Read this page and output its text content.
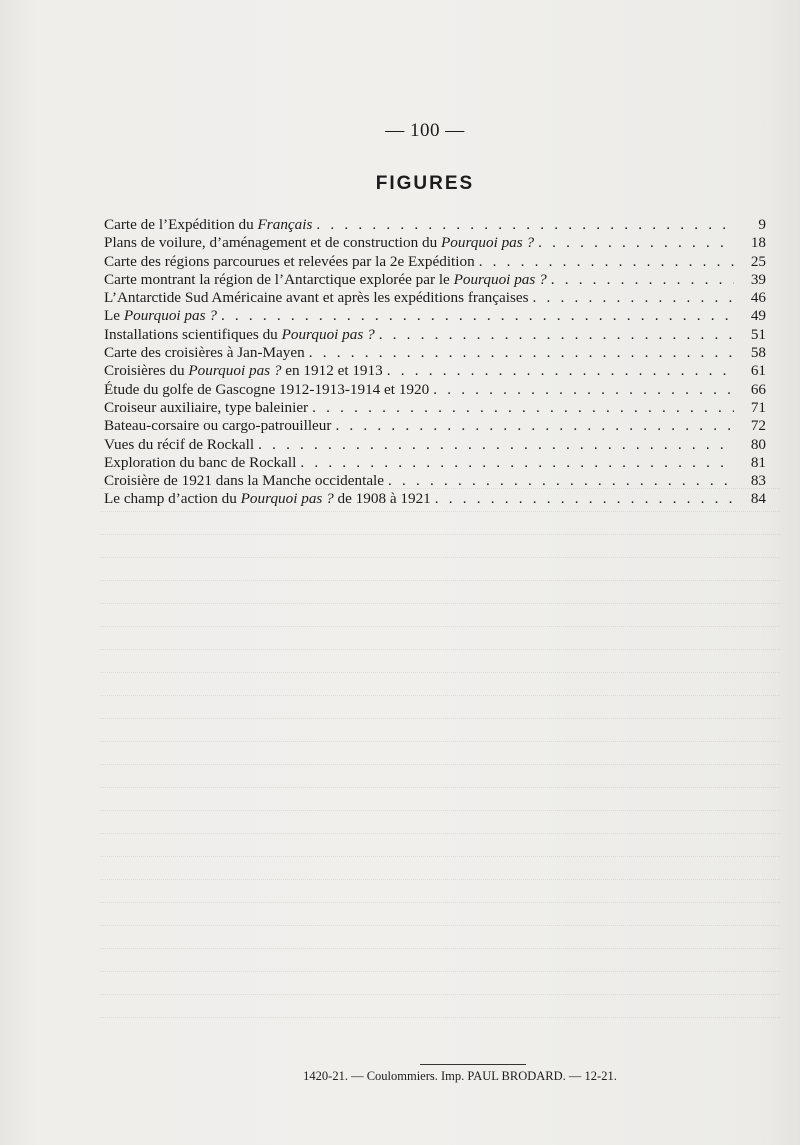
— 100 —
FIGURES
Carte de l’Expédition du Français . . .	9
Plans de voilure, d’aménagement et de construction du Pourquoi pas ? . . .	18
Carte des régions parcourues et relevées par la 2e Expédition . . .	25
Carte montrant la région de l’Antarctique explorée par le Pourquoi pas ? . . .	39
L’Antarctide Sud Américaine avant et après les expéditions françaises . . .	46
Le Pourquoi pas ? . . .	49
Installations scientifiques du Pourquoi pas ? . . .	51
Carte des croisières à Jan-Mayen . . .	58
Croisières du Pourquoi pas ? en 1912 et 1913 . . .	61
Étude du golfe de Gascogne 1912-1913-1914 et 1920 . . .	66
Croiseur auxiliaire, type baleinier . . .	71
Bateau-corsaire ou cargo-patrouilleur . . .	72
Vues du récif de Rockall . . .	80
Exploration du banc de Rockall . . .	81
Croisière de 1921 dans la Manche occidentale . . .	83
Le champ d’action du Pourquoi pas ? de 1908 à 1921 . . .	84
1420-21. — Coulommiers. Imp. PAUL BRODARD. — 12-21.
